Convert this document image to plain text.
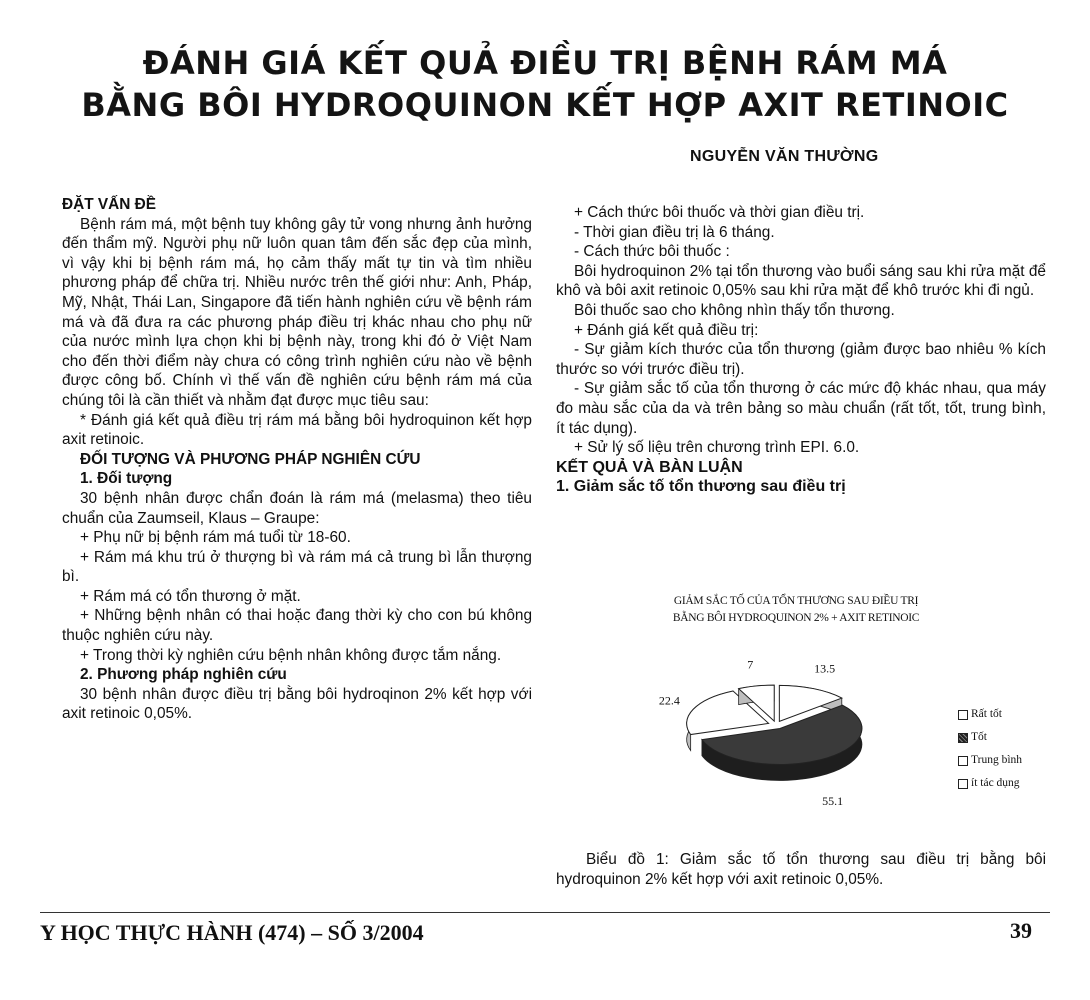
ĐÁNH GIÁ KẾT QUẢ ĐIỀU TRỊ BỆNH RÁM MÁ
BẰNG BÔI HYDROQUINON KẾT HỢP AXIT RETINOIC
NGUYỄN VĂN THƯỜNG

ĐẶT VẤN ĐỀ

Bệnh rám má, một bệnh tuy không gây tử vong nhưng ảnh hưởng đến thẩm mỹ. Người phụ nữ luôn quan tâm đến sắc đẹp của mình, vì vậy khi bị bệnh rám má, họ cảm thấy mất tự tin và tìm nhiều phương pháp để chữa trị. Nhiều nước trên thế giới như: Anh, Pháp, Mỹ, Nhật, Thái Lan, Singapore đã tiến hành nghiên cứu về bệnh rám má và đã đưa ra các phương pháp điều trị khác nhau cho phụ nữ của nước mình lựa chọn khi bị bệnh này, trong khi đó ở Việt Nam cho đến thời điểm này chưa có công trình nghiên cứu nào về bệnh được công bố. Chính vì thế vấn đề nghiên cứu bệnh rám má của chúng tôi là cần thiết và nhằm đạt được mục tiêu sau:

* Đánh giá kết quả điều trị rám má bằng bôi hydroquinon kết hợp axit retinoic.

ĐỐI TƯỢNG VÀ PHƯƠNG PHÁP NGHIÊN CỨU

1. Đối tượng

30 bệnh nhân được chẩn đoán là rám má (melasma) theo tiêu chuẩn của Zaumseil, Klaus – Graupe:

+ Phụ nữ bị bệnh rám má tuổi từ 18-60.

+ Rám má khu trú ở thượng bì và rám má cả trung bì lẫn thượng bì.

+ Rám má có tổn thương ở mặt.

+ Những bệnh nhân có thai hoặc đang thời kỳ cho con bú không thuộc nghiên cứu này.

+ Trong thời kỳ nghiên cứu bệnh nhân không được tắm nắng.

2. Phương pháp nghiên cứu

30 bệnh nhân được điều trị bằng bôi hydroqinon 2% kết hợp với axit retinoic 0,05%.

+ Cách thức bôi thuốc và thời gian điều trị.

- Thời gian điều trị là 6 tháng.

- Cách thức bôi thuốc :

Bôi hydroquinon 2% tại tổn thương vào buổi sáng sau khi rửa mặt để khô và bôi axit retinoic 0,05% sau khi rửa mặt để khô trước khi đi ngủ.

Bôi thuốc sao cho không nhìn thấy tổn thương.

+ Đánh giá kết quả điều trị:

- Sự giảm kích thước của tổn thương (giảm được bao nhiêu % kích thước so với trước điều trị).

- Sự giảm sắc tố của tổn thương ở các mức độ khác nhau, qua máy đo màu sắc của da và trên bảng so màu chuẩn (rất tốt, tốt, trung bình, ít tác dụng).

+ Sử lý số liệu trên chương trình EPI. 6.0.

KẾT QUẢ VÀ BÀN LUẬN

1. Giảm sắc tố tổn thương sau điều trị

GIẢM SẮC TỐ CỦA TỔN THƯƠNG SAU ĐIỀU TRỊ
BẰNG BÔI HYDROQUINON 2% + AXIT RETINOIC
13.5
55.1
22.4
7
Rất tốt
Tốt
Trung bình
ít tác dụng

Biểu đồ 1: Giảm sắc tố tổn thương sau điều trị bằng bôi hydroquinon 2% kết hợp với axit retinoic 0,05%.

Y HỌC THỰC HÀNH (474) – SỐ 3/2004	39
